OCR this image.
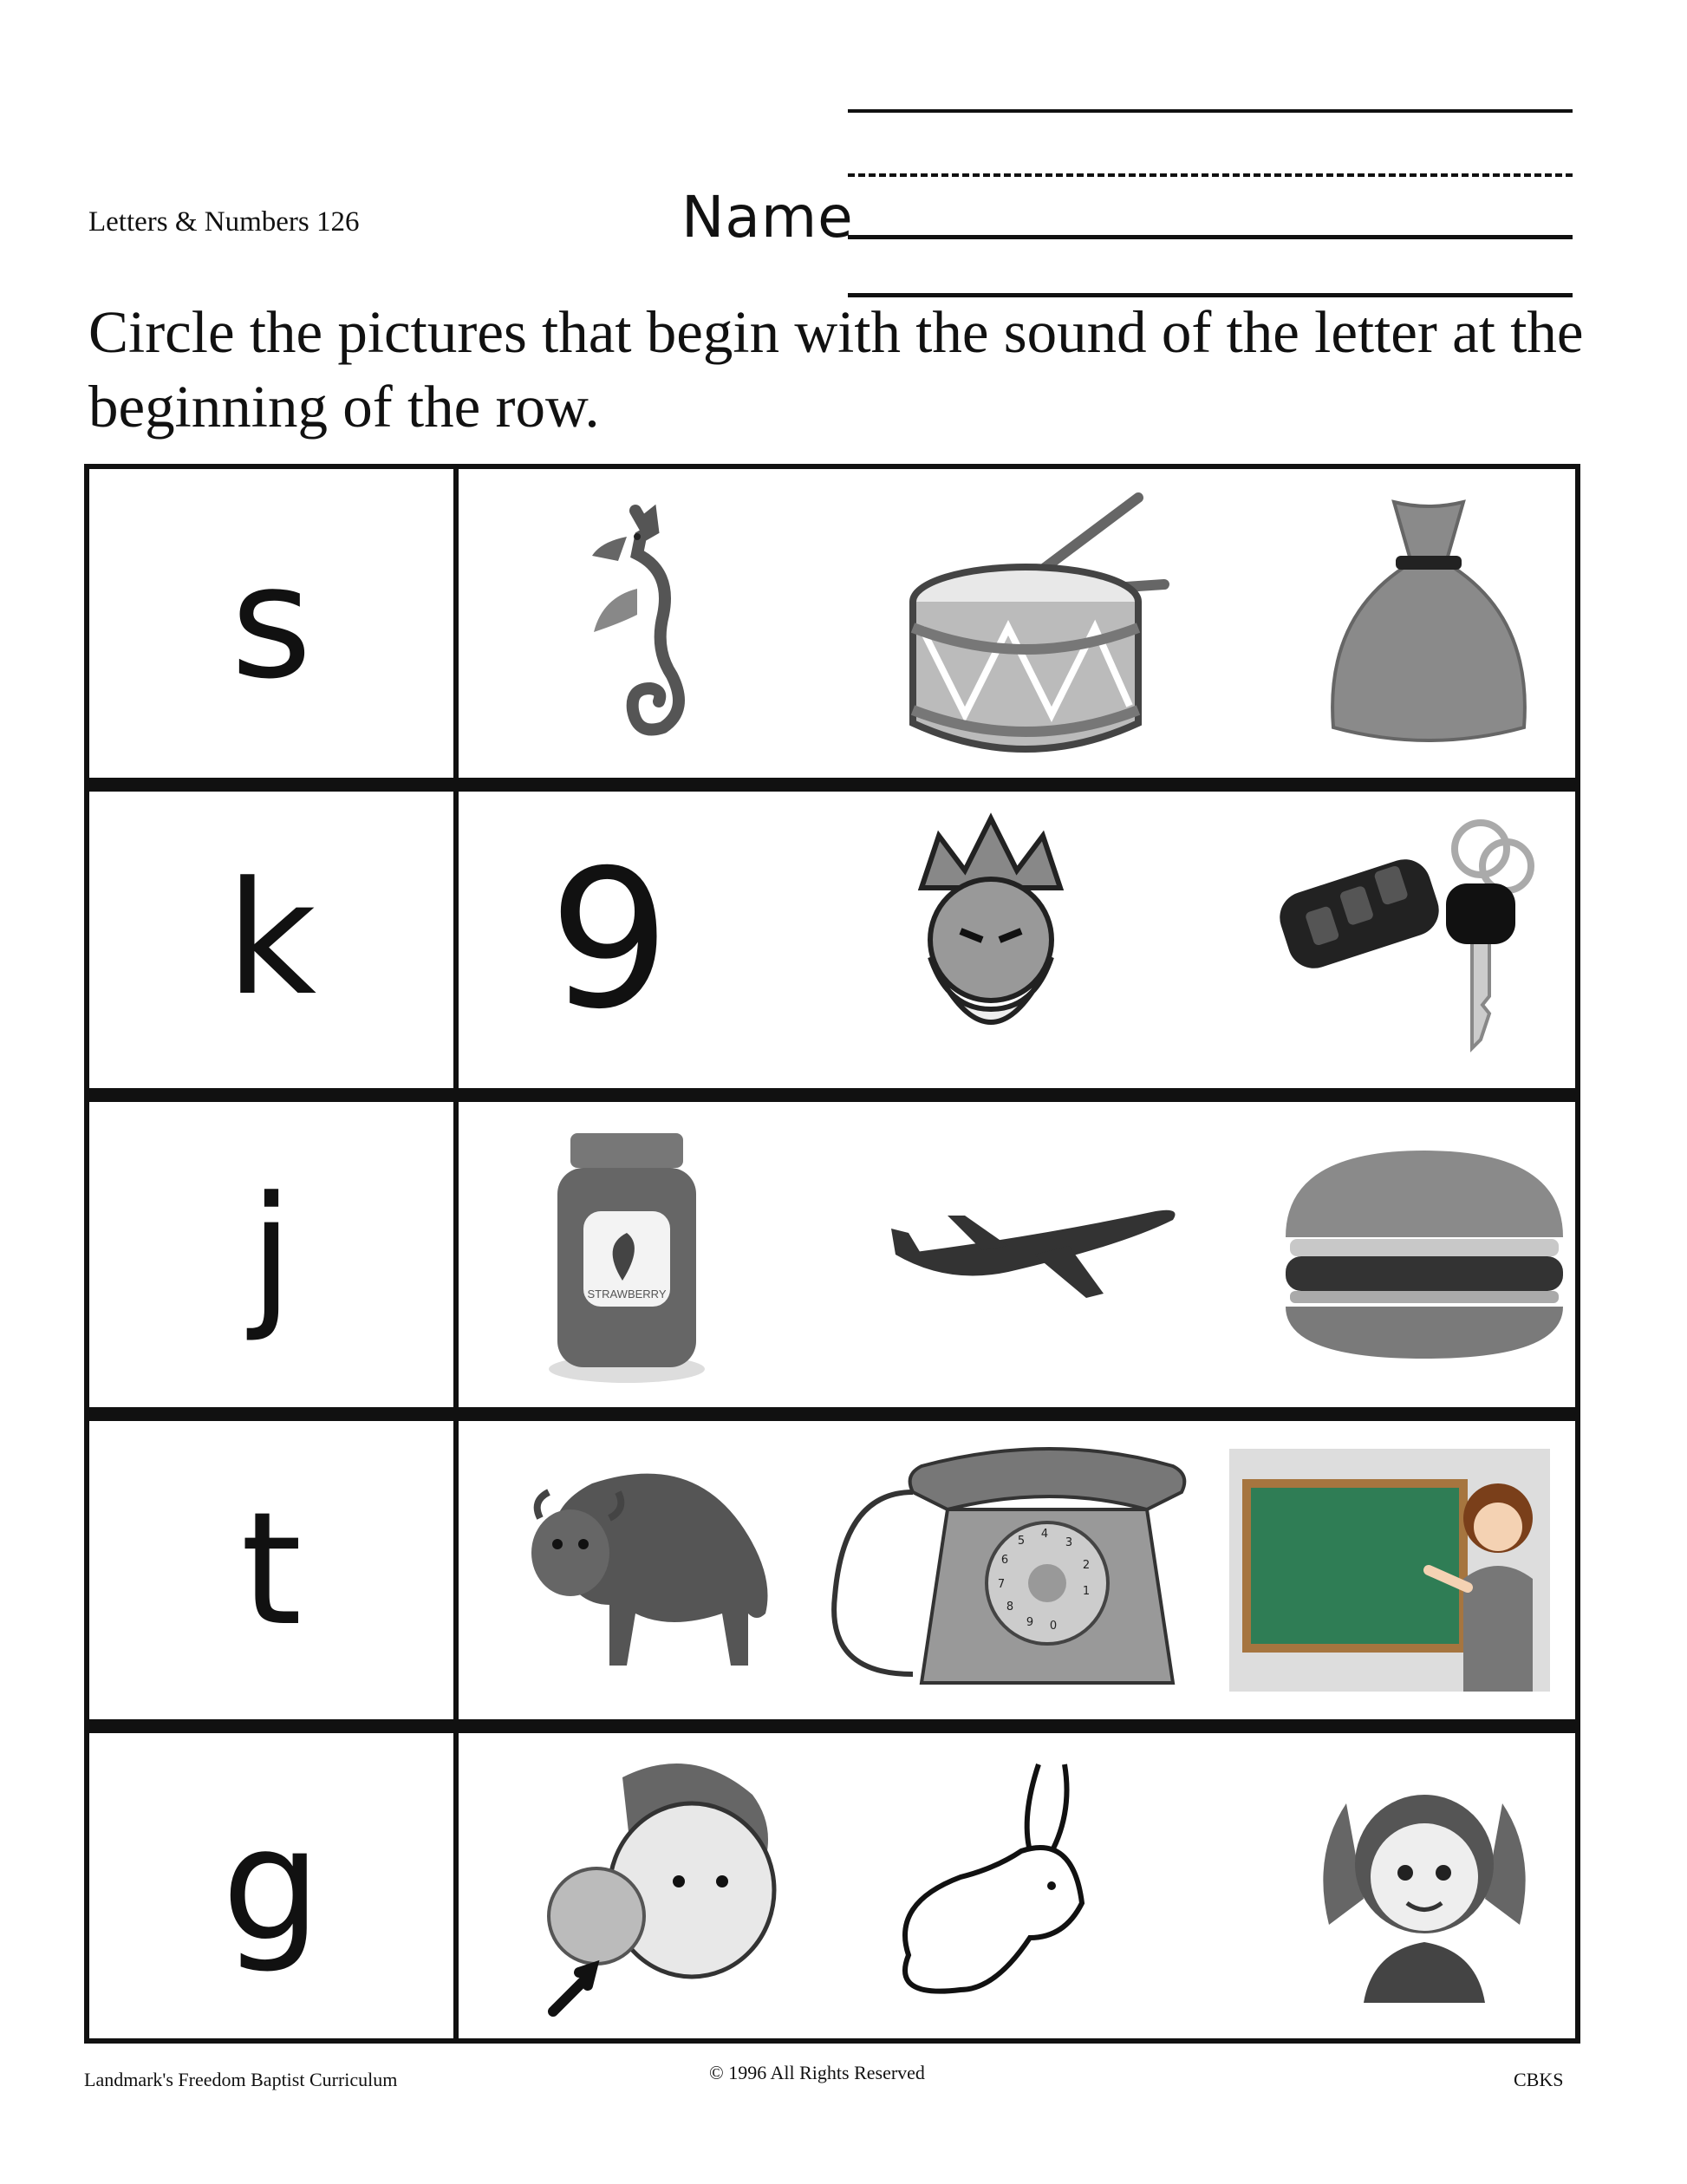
Letters & Numbers 126	Name
Circle the pictures that begin with the sound of the letter at the beginning of the row.
s
k	9
j	STRAWBERRY
t	1
2
3
4
5
6
7
8
9 0
g
Landmark's Freedom Baptist Curriculum	© 1996 All Rights Reserved	CBKS
